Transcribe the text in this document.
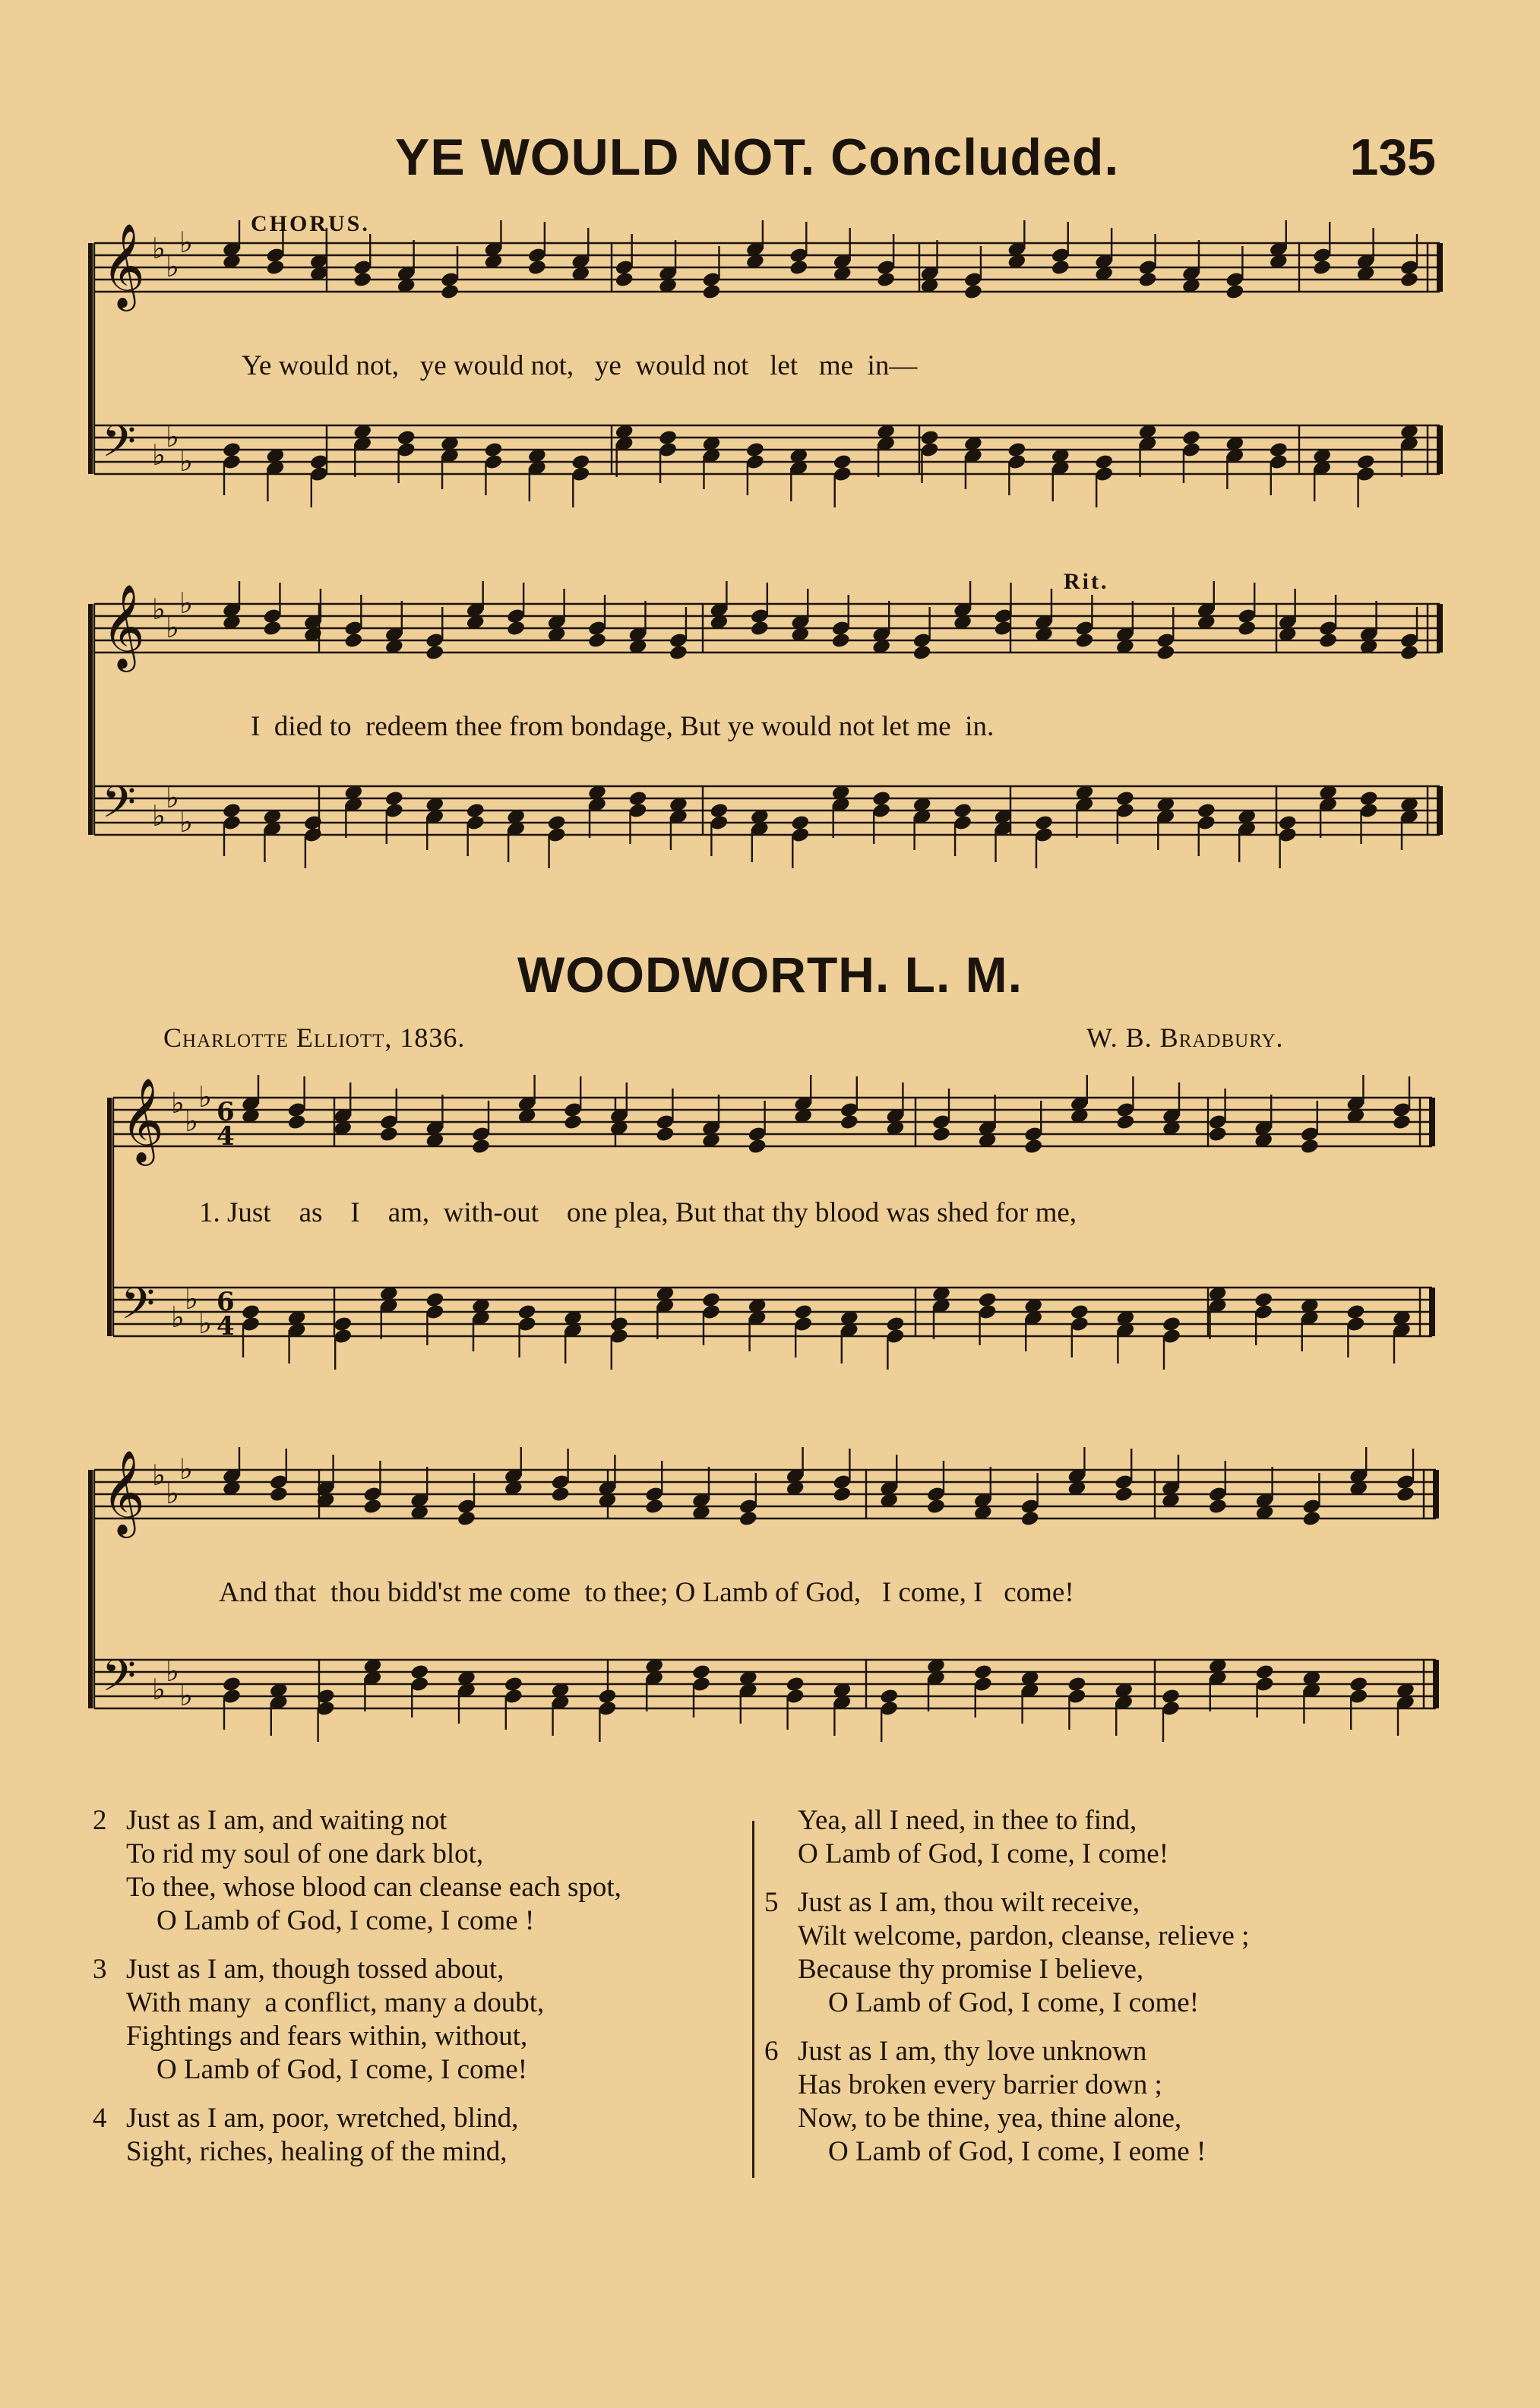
YE WOULD NOT. Concluded.	135
𝄞 ♭
♭
♭
𝄢 ♭
♭
♭
CHORUS.
Ye would not,   ye would not,   ye  would not   let   me  in—
𝄞 ♭
♭
♭
𝄢 ♭
♭
♭
Rit.
I  died to  redeem thee from bondage, But ye would not let me  in.
WOODWORTH. L. M.
Charlotte Elliott, 1836.	W. B. Bradbury.
𝄞 ♭
♭
♭ 6
4
𝄢 ♭
♭
♭
6
4
1. Just    as    I    am,  with-out    one plea, But that thy blood was shed for me,
𝄞 ♭
♭
♭
𝄢 ♭
♭
♭
And that  thou bidd'st me come  to thee; O Lamb of God,   I come, I   come!
2 Just as I am, and waiting not
To rid my soul of one dark blot,
To thee, whose blood can cleanse each spot,
O Lamb of God, I come, I come !
3 Just as I am, though tossed about,
With many  a conflict, many a doubt,
Fightings and fears within, without,
O Lamb of God, I come, I come!
4 Just as I am, poor, wretched, blind,
Sight, riches, healing of the mind,
Yea, all I need, in thee to find,
O Lamb of God, I come, I come!
5 Just as I am, thou wilt receive,
Wilt welcome, pardon, cleanse, relieve ;
Because thy promise I believe,
O Lamb of God, I come, I come!
6 Just as I am, thy love unknown
Has broken every barrier down ;
Now, to be thine, yea, thine alone,
O Lamb of God, I come, I eome !
